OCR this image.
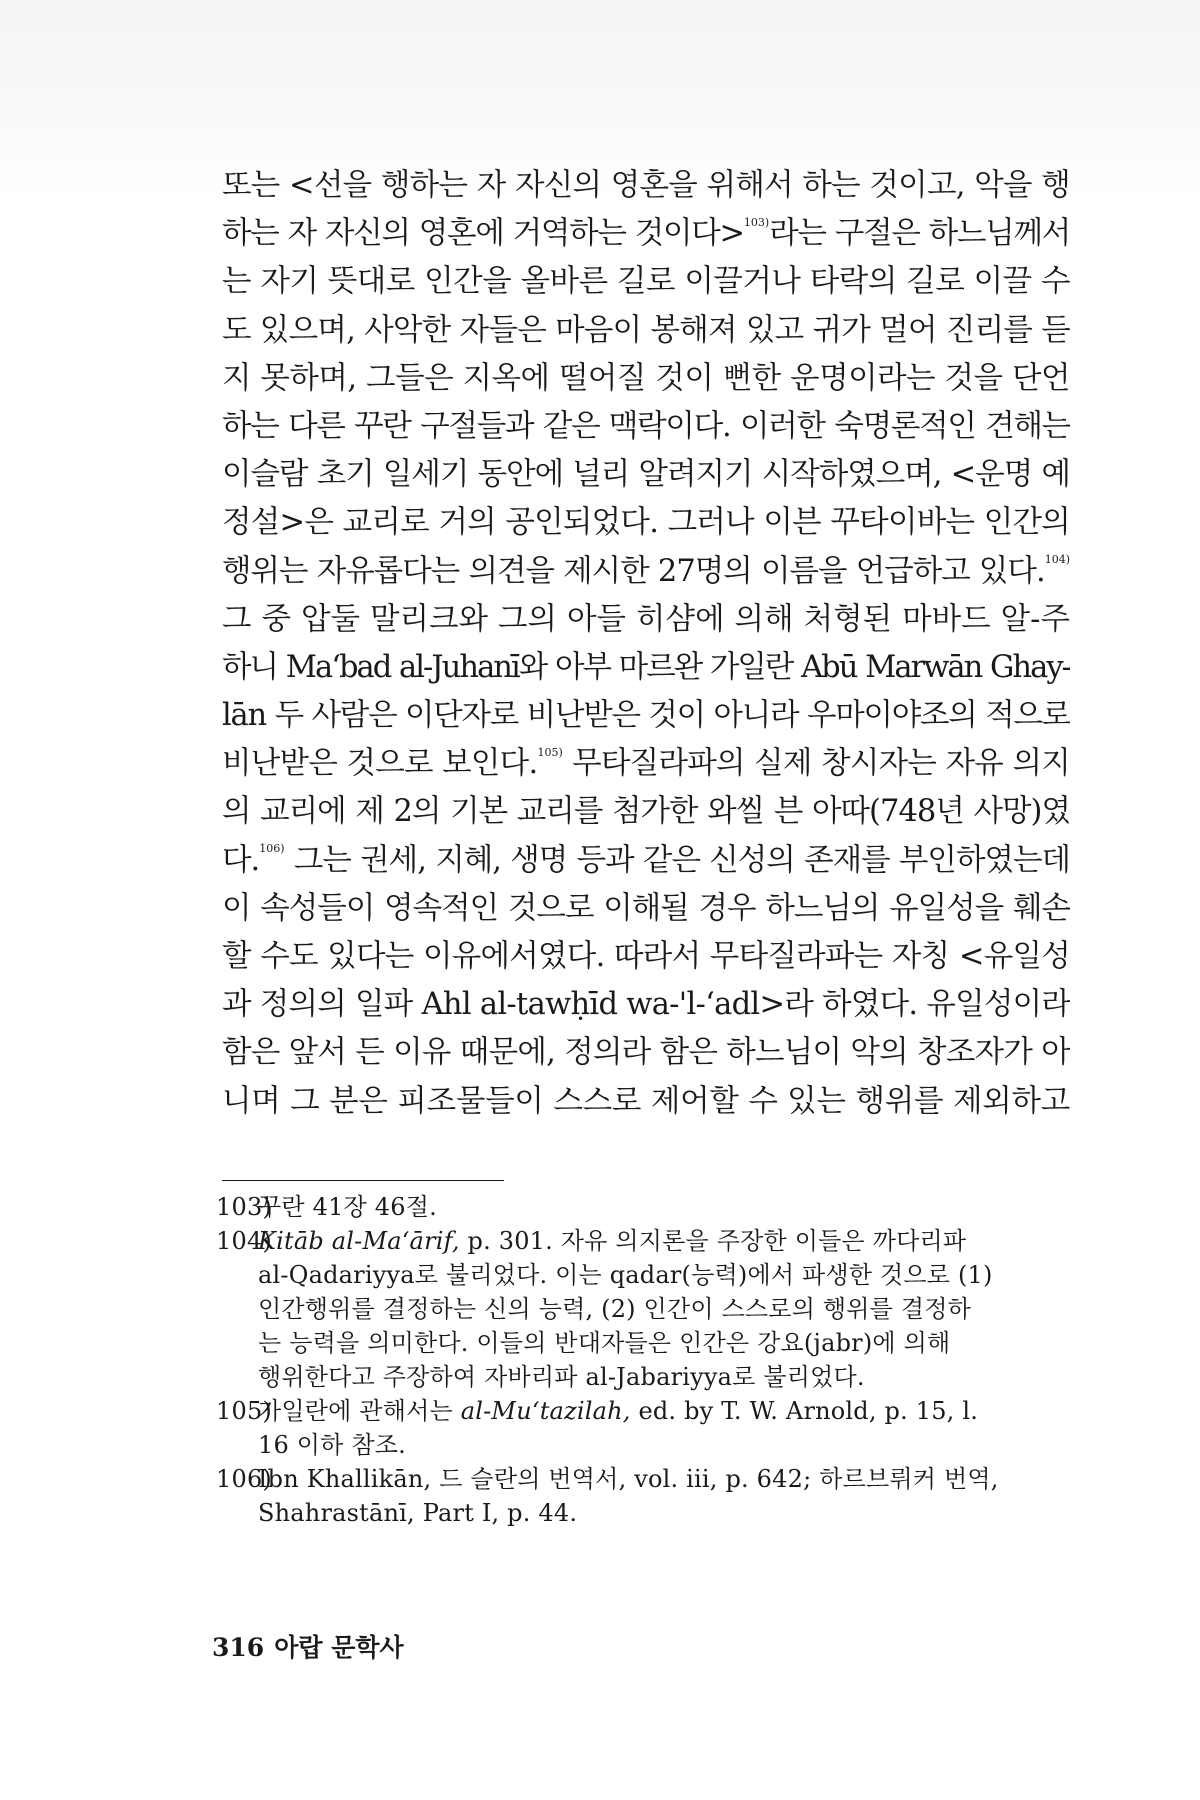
또는 <선을 행하는 자 자신의 영혼을 위해서 하는 것이고, 악을 행
하는 자 자신의 영혼에 거역하는 것이다>$^{103)}$라는 구절은 하느님께서
는 자기 뜻대로 인간을 올바른 길로 이끌거나 타락의 길로 이끌 수
도 있으며, 사악한 자들은 마음이 봉해져 있고 귀가 멀어 진리를 듣
지 못하며, 그들은 지옥에 떨어질 것이 뻔한 운명이라는 것을 단언
하는 다른 꾸란 구절들과 같은 맥락이다. 이러한 숙명론적인 견해는
이슬람 초기 일세기 동안에 널리 알려지기 시작하였으며, <운명 예
정설>은 교리로 거의 공인되었다. 그러나 이븐 꾸타이바는 인간의
행위는 자유롭다는 의견을 제시한 27명의 이름을 언급하고 있다.$^{104)}$
그 중 압둘 말리크와 그의 아들 히샴에 의해 처형된 마바드 알-주
하니 Ma‘bad al-Juhanī와 아부 마르완 가일란 Abū Marwān Ghay-
lān 두 사람은 이단자로 비난받은 것이 아니라 우마이야조의 적으로
비난받은 것으로 보인다.$^{105)}$ 무타질라파의 실제 창시자는 자유 의지
의 교리에 제 2의 기본 교리를 첨가한 와씰 븐 아따(748년 사망)였
다.$^{106)}$ 그는 권세, 지혜, 생명 등과 같은 신성의 존재를 부인하였는데
이 속성들이 영속적인 것으로 이해될 경우 하느님의 유일성을 훼손
할 수도 있다는 이유에서였다. 따라서 무타질라파는 자칭 <유일성
과 정의의 일파 Ahl al-tawḥīd wa-'l-‘adl>라 하였다. 유일성이라
함은 앞서 든 이유 때문에, 정의라 함은 하느님이 악의 창조자가 아
니며 그 분은 피조물들이 스스로 제어할 수 있는 행위를 제외하고
103)
꾸란 41장 46절.
104)
Kitāb al-Ma‘ārif, p. 301. 자유 의지론을 주장한 이들은 까다리파
al-Qadariyya로 불리었다. 이는 qadar(능력)에서 파생한 것으로 (1)
인간행위를 결정하는 신의 능력, (2) 인간이 스스로의 행위를 결정하
는 능력을 의미한다. 이들의 반대자들은 인간은 강요(jabr)에 의해
행위한다고 주장하여 자바리파 al-Jabariyya로 불리었다.
105)
가일란에 관해서는 al-Mu‘tazilah, ed. by T. W. Arnold, p. 15, l.
16 이하 참조.
106)
Ibn Khallikān, 드 슬란의 번역서, vol. iii, p. 642; 하르브뤼커 번역,
Shahrastānī, Part I, p. 44.
316 아랍 문학사
